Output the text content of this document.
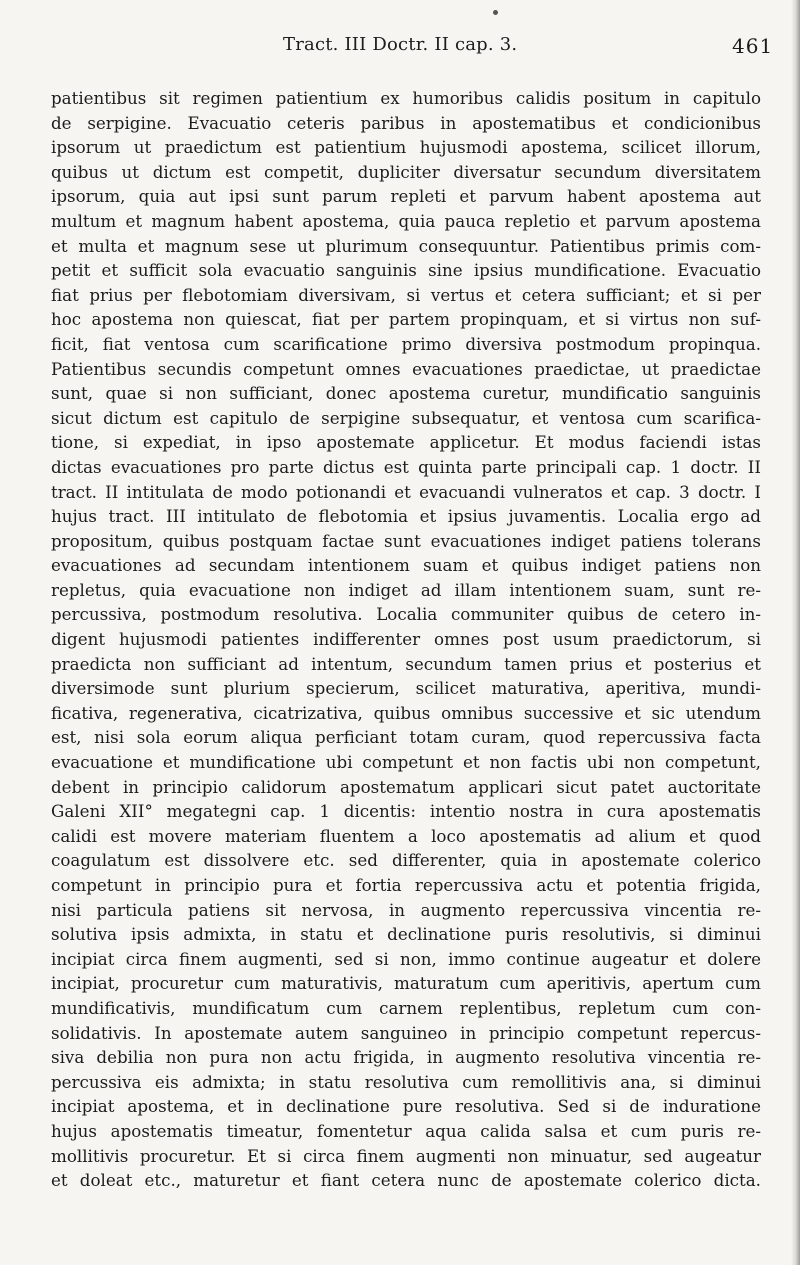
Tract. III Doctr. II cap. 3.	461
patientibus sit regimen patientium ex humoribus calidis positum in capitulo
de serpigine. Evacuatio ceteris paribus in apostematibus et condicionibus
ipsorum ut praedictum est patientium hujusmodi apostema, scilicet illorum,
quibus ut dictum est competit, dupliciter diversatur secundum diversitatem
ipsorum, quia aut ipsi sunt parum repleti et parvum habent apostema aut
multum et magnum habent apostema, quia pauca repletio et parvum apostema
et multa et magnum sese ut plurimum consequuntur. Patientibus primis com-
petit et sufficit sola evacuatio sanguinis sine ipsius mundificatione. Evacuatio
fiat prius per flebotomiam diversivam, si vertus et cetera sufficiant; et si per
hoc apostema non quiescat, fiat per partem propinquam, et si virtus non suf-
ficit, fiat ventosa cum scarificatione primo diversiva postmodum propinqua.
Patientibus secundis competunt omnes evacuationes praedictae, ut praedictae
sunt, quae si non sufficiant, donec apostema curetur, mundificatio sanguinis
sicut dictum est capitulo de serpigine subsequatur, et ventosa cum scarifica-
tione, si expediat, in ipso apostemate applicetur. Et modus faciendi istas
dictas evacuationes pro parte dictus est quinta parte principali cap. 1 doctr. II
tract. II intitulata de modo potionandi et evacuandi vulneratos et cap. 3 doctr. I
hujus tract. III intitulato de flebotomia et ipsius juvamentis. Localia ergo ad
propositum, quibus postquam factae sunt evacuationes indiget patiens tolerans
evacuationes ad secundam intentionem suam et quibus indiget patiens non
repletus, quia evacuatione non indiget ad illam intentionem suam, sunt re-
percussiva, postmodum resolutiva. Localia communiter quibus de cetero in-
digent hujusmodi patientes indifferenter omnes post usum praedictorum, si
praedicta non sufficiant ad intentum, secundum tamen prius et posterius et
diversimode sunt plurium specierum, scilicet maturativa, aperitiva, mundi-
ficativa, regenerativa, cicatrizativa, quibus omnibus successive et sic utendum
est, nisi sola eorum aliqua perficiant totam curam, quod repercussiva facta
evacuatione et mundificatione ubi competunt et non factis ubi non competunt,
debent in principio calidorum apostematum applicari sicut patet auctoritate
Galeni XII° megategni cap. 1 dicentis: intentio nostra in cura apostematis
calidi est movere materiam fluentem a loco apostematis ad alium et quod
coagulatum est dissolvere etc. sed differenter, quia in apostemate colerico
competunt in principio pura et fortia repercussiva actu et potentia frigida,
nisi particula patiens sit nervosa, in augmento repercussiva vincentia re-
solutiva ipsis admixta, in statu et declinatione puris resolutivis, si diminui
incipiat circa finem augmenti, sed si non, immo continue augeatur et dolere
incipiat, procuretur cum maturativis, maturatum cum aperitivis, apertum cum
mundificativis, mundificatum cum carnem replentibus, repletum cum con-
solidativis. In apostemate autem sanguineo in principio competunt repercus-
siva debilia non pura non actu frigida, in augmento resolutiva vincentia re-
percussiva eis admixta; in statu resolutiva cum remollitivis ana, si diminui
incipiat apostema, et in declinatione pure resolutiva. Sed si de induratione
hujus apostematis timeatur, fomentetur aqua calida salsa et cum puris re-
mollitivis procuretur. Et si circa finem augmenti non minuatur, sed augeatur
et doleat etc., maturetur et fiant cetera nunc de apostemate colerico dicta.
